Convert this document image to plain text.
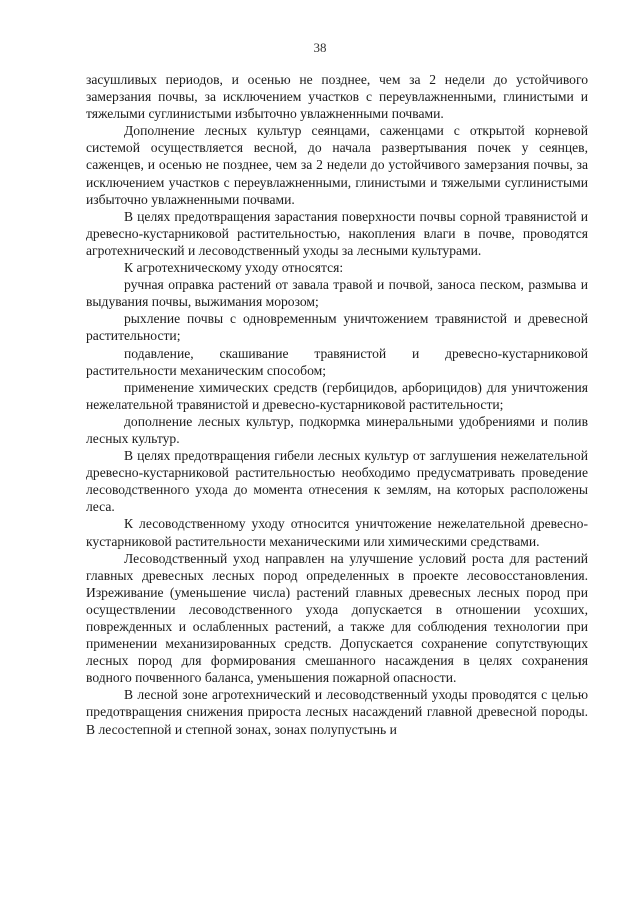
38

засушливых периодов, и осенью не позднее, чем за 2 недели до устойчивого замерзания почвы, за исключением участков с переувлажненными, глинистыми и тяжелыми суглинистыми избыточно увлажненными почвами.

Дополнение лесных культур сеянцами, саженцами с открытой корневой системой осуществляется весной, до начала развертывания почек у сеянцев, саженцев, и осенью не позднее, чем за 2 недели до устойчивого замерзания почвы, за исключением участков с переувлажненными, глинистыми и тяжелыми суглинистыми избыточно увлажненными почвами.

В целях предотвращения зарастания поверхности почвы сорной травянистой и древесно-кустарниковой растительностью, накопления влаги в почве, проводятся агротехнический и лесоводственный уходы за лесными культурами.

К агротехническому уходу относятся:

ручная оправка растений от завала травой и почвой, заноса песком, размыва и выдувания почвы, выжимания морозом;

рыхление почвы с одновременным уничтожением травянистой и древесной растительности;

подавление, скашивание травянистой и древесно-кустарниковой растительности механическим способом;

применение химических средств (гербицидов, арборицидов) для уничтожения нежелательной травянистой и древесно-кустарниковой растительности;

дополнение лесных культур, подкормка минеральными удобрениями и полив лесных культур.

В целях предотвращения гибели лесных культур от заглушения нежелательной древесно-кустарниковой растительностью необходимо предусматривать проведение лесоводственного ухода до момента отнесения к землям, на которых расположены леса.

К лесоводственному уходу относится уничтожение нежелательной древесно-кустарниковой растительности механическими или химическими средствами.

Лесоводственный уход направлен на улучшение условий роста для растений главных древесных лесных пород определенных в проекте лесовосстановления. Изреживание (уменьшение числа) растений главных древесных лесных пород при осуществлении лесоводственного ухода допускается в отношении усохших, поврежденных и ослабленных растений, а также для соблюдения технологии при применении механизированных средств. Допускается сохранение сопутствующих лесных пород для формирования смешанного насаждения в целях сохранения водного почвенного баланса, уменьшения пожарной опасности.

В лесной зоне агротехнический и лесоводственный уходы проводятся с целью предотвращения снижения прироста лесных насаждений главной древесной породы. В лесостепной и степной зонах, зонах полупустынь и
